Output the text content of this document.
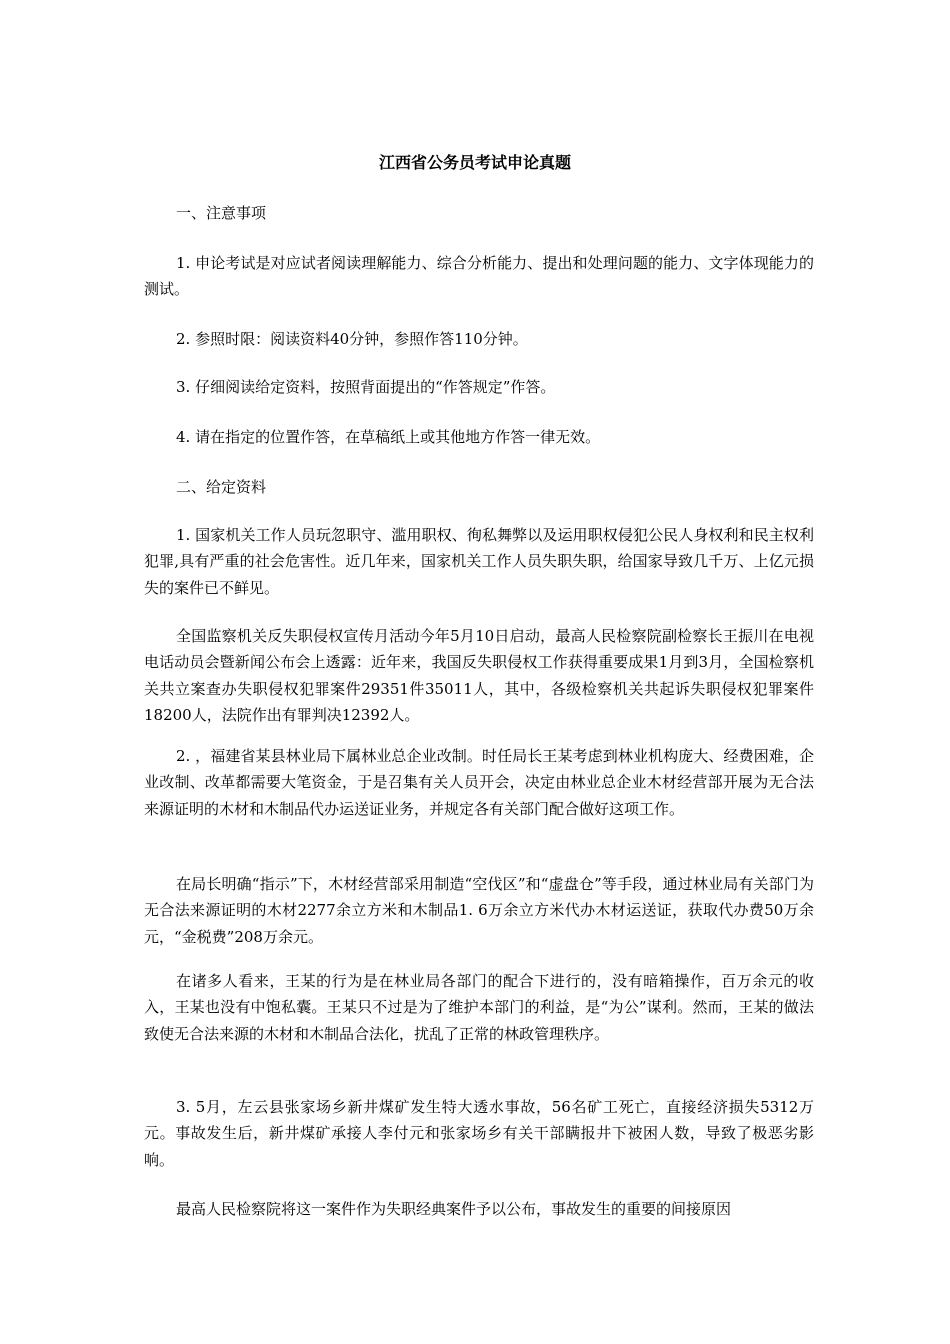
江西省公务员考试申论真题

一、注意事项

1. 申论考试是对应试者阅读理解能力、综合分析能力、提出和处理问题的能力、文字体现能力的测试。

2. 参照时限：阅读资料40分钟，参照作答110分钟。

3. 仔细阅读给定资料，按照背面提出的“作答规定”作答。

4. 请在指定的位置作答，在草稿纸上或其他地方作答一律无效。

二、给定资料

1. 国家机关工作人员玩忽职守、滥用职权、徇私舞弊以及运用职权侵犯公民人身权利和民主权利犯罪,具有严重的社会危害性。近几年来，国家机关工作人员失职失职，给国家导致几千万、上亿元损失的案件已不鲜见。

全国监察机关反失职侵权宣传月活动今年5月10日启动，最高人民检察院副检察长王振川在电视电话动员会暨新闻公布会上透露：近年来，我国反失职侵权工作获得重要成果1月到3月，全国检察机关共立案查办失职侵权犯罪案件29351件35011人，其中，各级检察机关共起诉失职侵权犯罪案件18200人，法院作出有罪判决12392人。

2. ，福建省某县林业局下属林业总企业改制。时任局长王某考虑到林业机构庞大、经费困难，企业改制、改革都需要大笔资金，于是召集有关人员开会，决定由林业总企业木材经营部开展为无合法来源证明的木材和木制品代办运送证业务，并规定各有关部门配合做好这项工作。

在局长明确“指示”下，木材经营部采用制造“空伐区”和“虚盘仓”等手段，通过林业局有关部门为无合法来源证明的木材2277余立方米和木制品1. 6万余立方米代办木材运送证，获取代办费50万余元，“金税费”208万余元。

在诸多人看来，王某的行为是在林业局各部门的配合下进行的，没有暗箱操作，百万余元的收入，王某也没有中饱私囊。王某只不过是为了维护本部门的利益，是“为公”谋利。然而，王某的做法致使无合法来源的木材和木制品合法化，扰乱了正常的林政管理秩序。

3. 5月，左云县张家场乡新井煤矿发生特大透水事故，56名矿工死亡，直接经济损失5312万元。事故发生后，新井煤矿承接人李付元和张家场乡有关干部瞒报井下被困人数，导致了极恶劣影响。

最高人民检察院将这一案件作为失职经典案件予以公布，事故发生的重要的间接原因
